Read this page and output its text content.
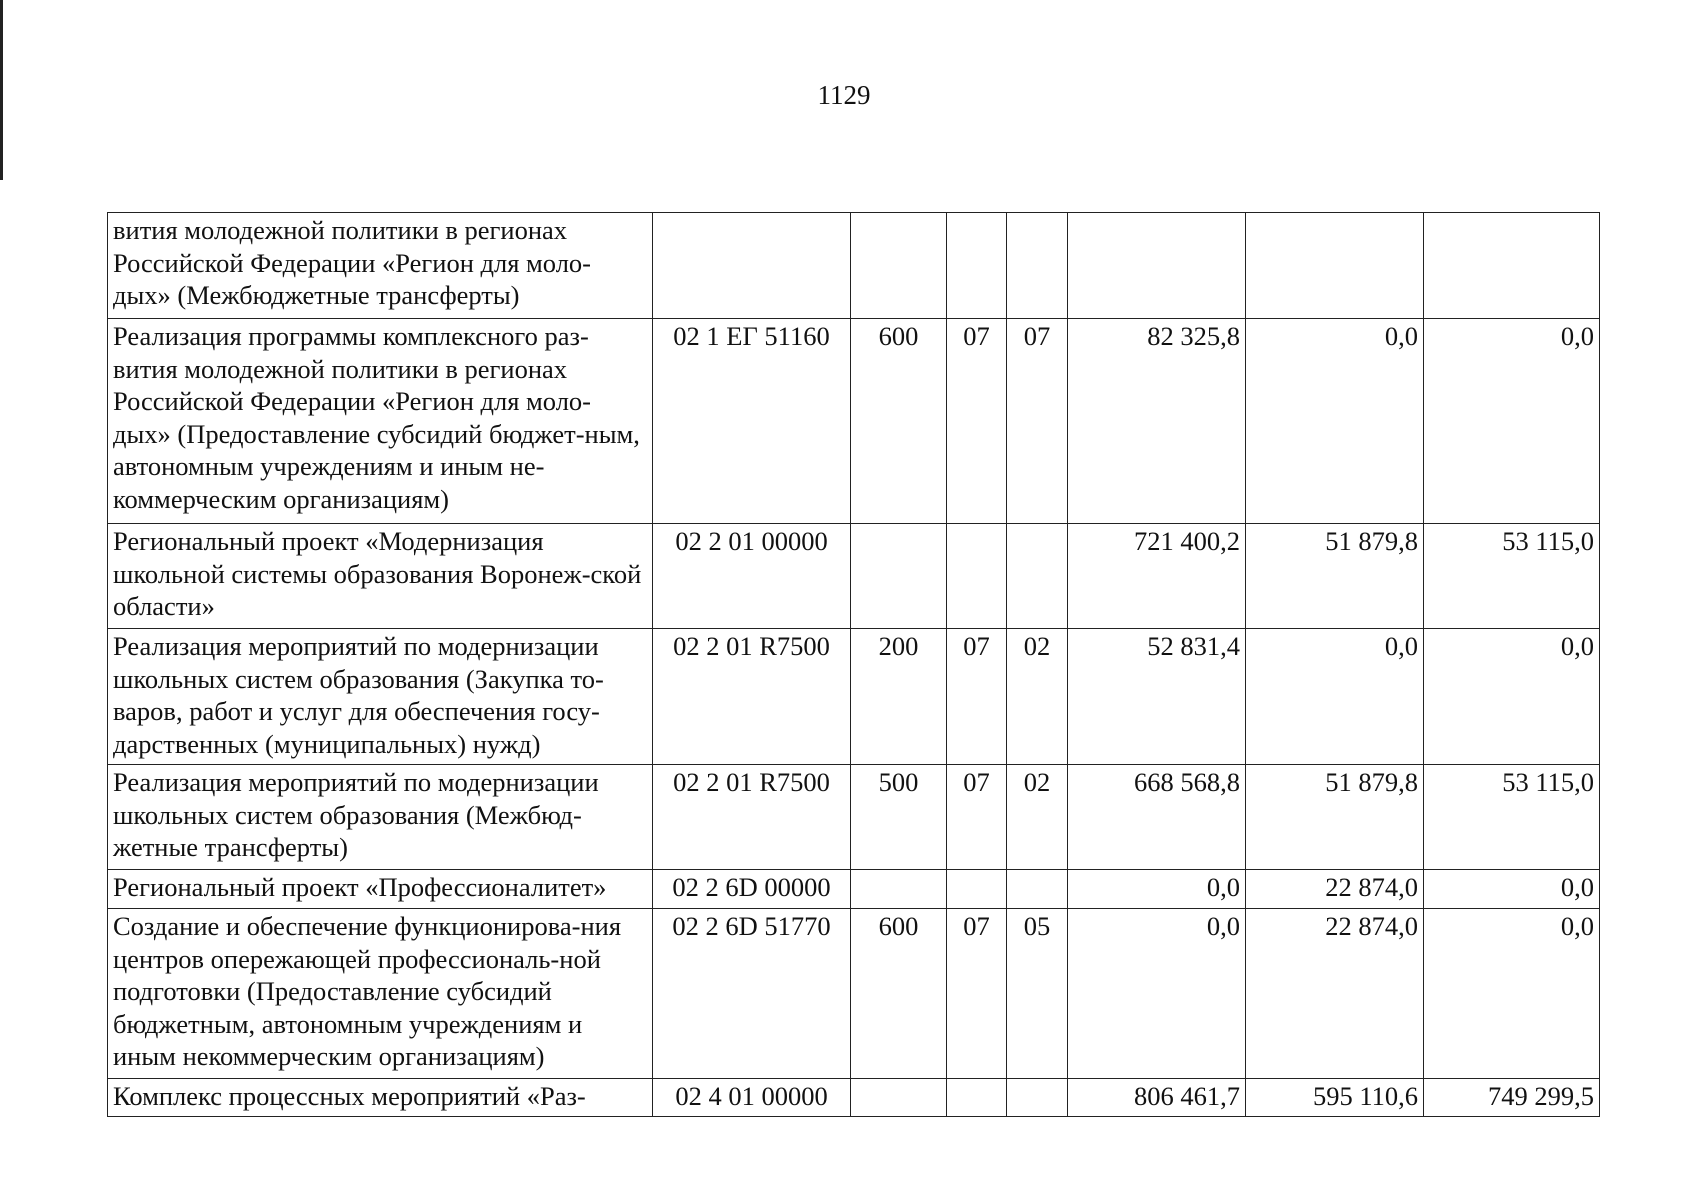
1129
вития молодежной политики в регионах Российской Федерации «Регион для моло-дых» (Межбюджетные трансферты)							
Реализация программы комплексного раз-вития молодежной политики в регионах Российской Федерации «Регион для моло-дых» (Предоставление субсидий бюджет-ным, автономным учреждениям и иным не-коммерческим организациям)	02 1 ЕГ 51160	600	07	07	82 325,8	0,0	0,0
Региональный проект «Модернизация школьной системы образования Воронеж-ской области»	02 2 01 00000				721 400,2	51 879,8	53 115,0
Реализация мероприятий по модернизации школьных систем образования (Закупка то-варов, работ и услуг для обеспечения госу-дарственных (муниципальных) нужд)	02 2 01 R7500	200	07	02	52 831,4	0,0	0,0
Реализация мероприятий по модернизации школьных систем образования (Межбюд-жетные трансферты)	02 2 01 R7500	500	07	02	668 568,8	51 879,8	53 115,0
Региональный проект «Профессионалитет»	02 2 6D 00000				0,0	22 874,0	0,0
Создание и обеспечение функционирова-ния центров опережающей профессиональ-ной подготовки (Предоставление субсидий бюджетным, автономным учреждениям и иным некоммерческим организациям)	02 2 6D 51770	600	07	05	0,0	22 874,0	0,0
Комплекс процессных мероприятий «Раз-	02 4 01 00000				806 461,7	595 110,6	749 299,5
